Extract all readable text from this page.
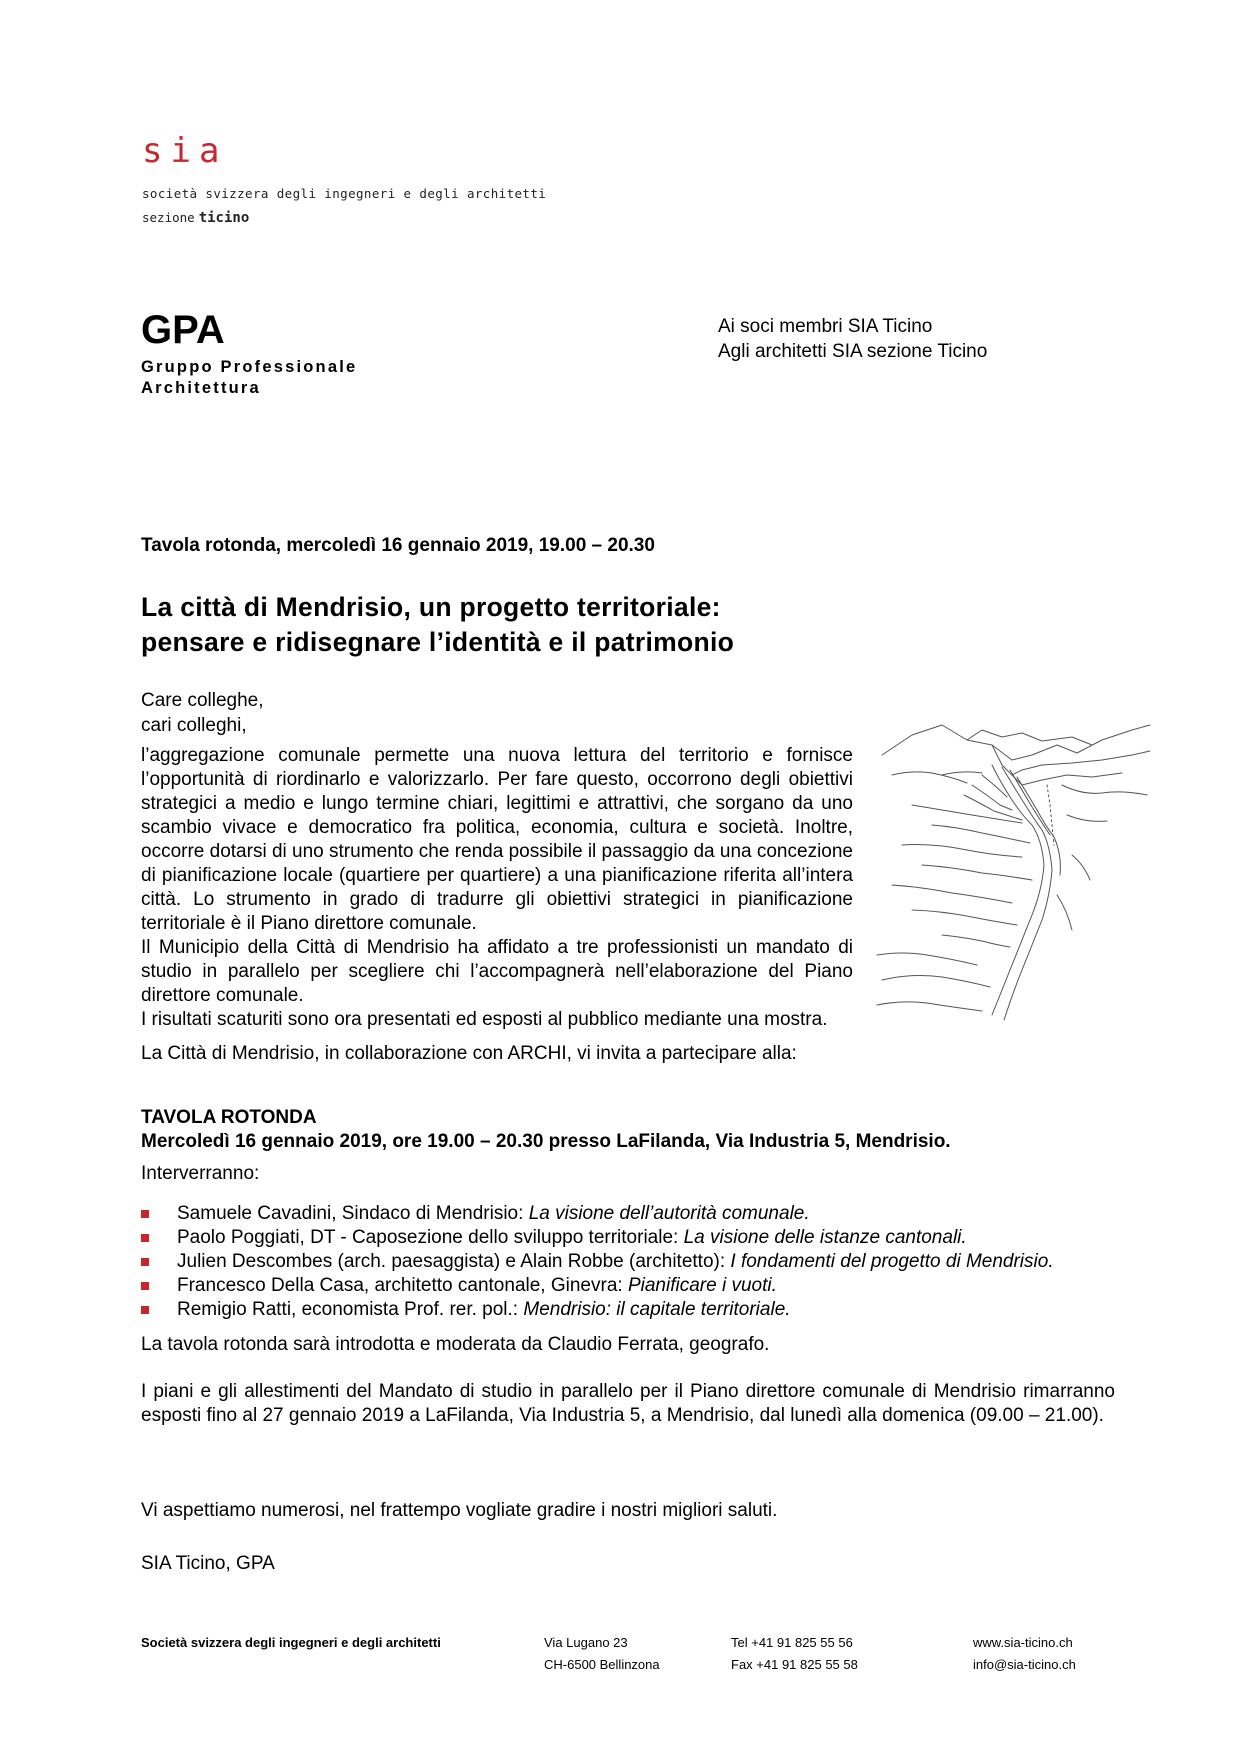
sia
società svizzera degli ingegneri e degli architetti
sezione ticino
GPA
Gruppo Professionale
Architettura
Ai soci membri SIA Ticino
Agli architetti SIA sezione Ticino
Tavola rotonda, mercoledì 16 gennaio 2019, 19.00 – 20.30
La città di Mendrisio, un progetto territoriale:
pensare e ridisegnare l’identità e il patrimonio
Care colleghe,
cari colleghi,

l’aggregazione comunale permette una nuova lettura del territorio e fornisce l’opportunità di riordinarlo e valorizzarlo. Per fare questo, occorrono degli obiettivi strategici a medio e lungo termine chiari, legittimi e attrattivi, che sorgano da uno scambio vivace e democratico fra politica, economia, cultura e società. Inoltre, occorre dotarsi di uno strumento che renda possibile il passaggio da una concezione di pianificazione locale (quartiere per quartiere) a una pianificazione riferita all’intera città. Lo strumento in grado di tradurre gli obiettivi strategici in pianificazione territoriale è il Piano direttore comunale.

Il Municipio della Città di Mendrisio ha affidato a tre professionisti un mandato di studio in parallelo per scegliere chi l’accompagnerà nell’elaborazione del Piano direttore comunale.

I risultati scaturiti sono ora presentati ed esposti al pubblico mediante una mostra.

La Città di Mendrisio, in collaborazione con ARCHI, vi invita a partecipare alla:

TAVOLA ROTONDA
Mercoledì 16 gennaio 2019, ore 19.00 – 20.30 presso LaFilanda, Via Industria 5, Mendrisio.
Interverranno:
Samuele Cavadini, Sindaco di Mendrisio: La visione dell’autorità comunale.
Paolo Poggiati, DT - Caposezione dello sviluppo territoriale: La visione delle istanze cantonali.
Julien Descombes (arch. paesaggista) e Alain Robbe (architetto): I fondamenti del progetto di Mendrisio.
Francesco Della Casa, architetto cantonale, Ginevra: Pianificare i vuoti.
Remigio Ratti, economista Prof. rer. pol.: Mendrisio: il capitale territoriale.
La tavola rotonda sarà introdotta e moderata da Claudio Ferrata, geografo.
I piani e gli allestimenti del Mandato di studio in parallelo per il Piano direttore comunale di Mendrisio rimarranno esposti fino al 27 gennaio 2019 a LaFilanda, Via Industria 5, a Mendrisio, dal lunedì alla domenica (09.00 – 21.00).
Vi aspettiamo numerosi, nel frattempo vogliate gradire i nostri migliori saluti.
SIA Ticino, GPA
Società svizzera degli ingegneri e degli architetti	Via Lugano 23
CH-6500 Bellinzona
Tel +41 91 825 55 56
Fax +41 91 825 55 58
www.sia-ticino.ch
info@sia-ticino.ch
